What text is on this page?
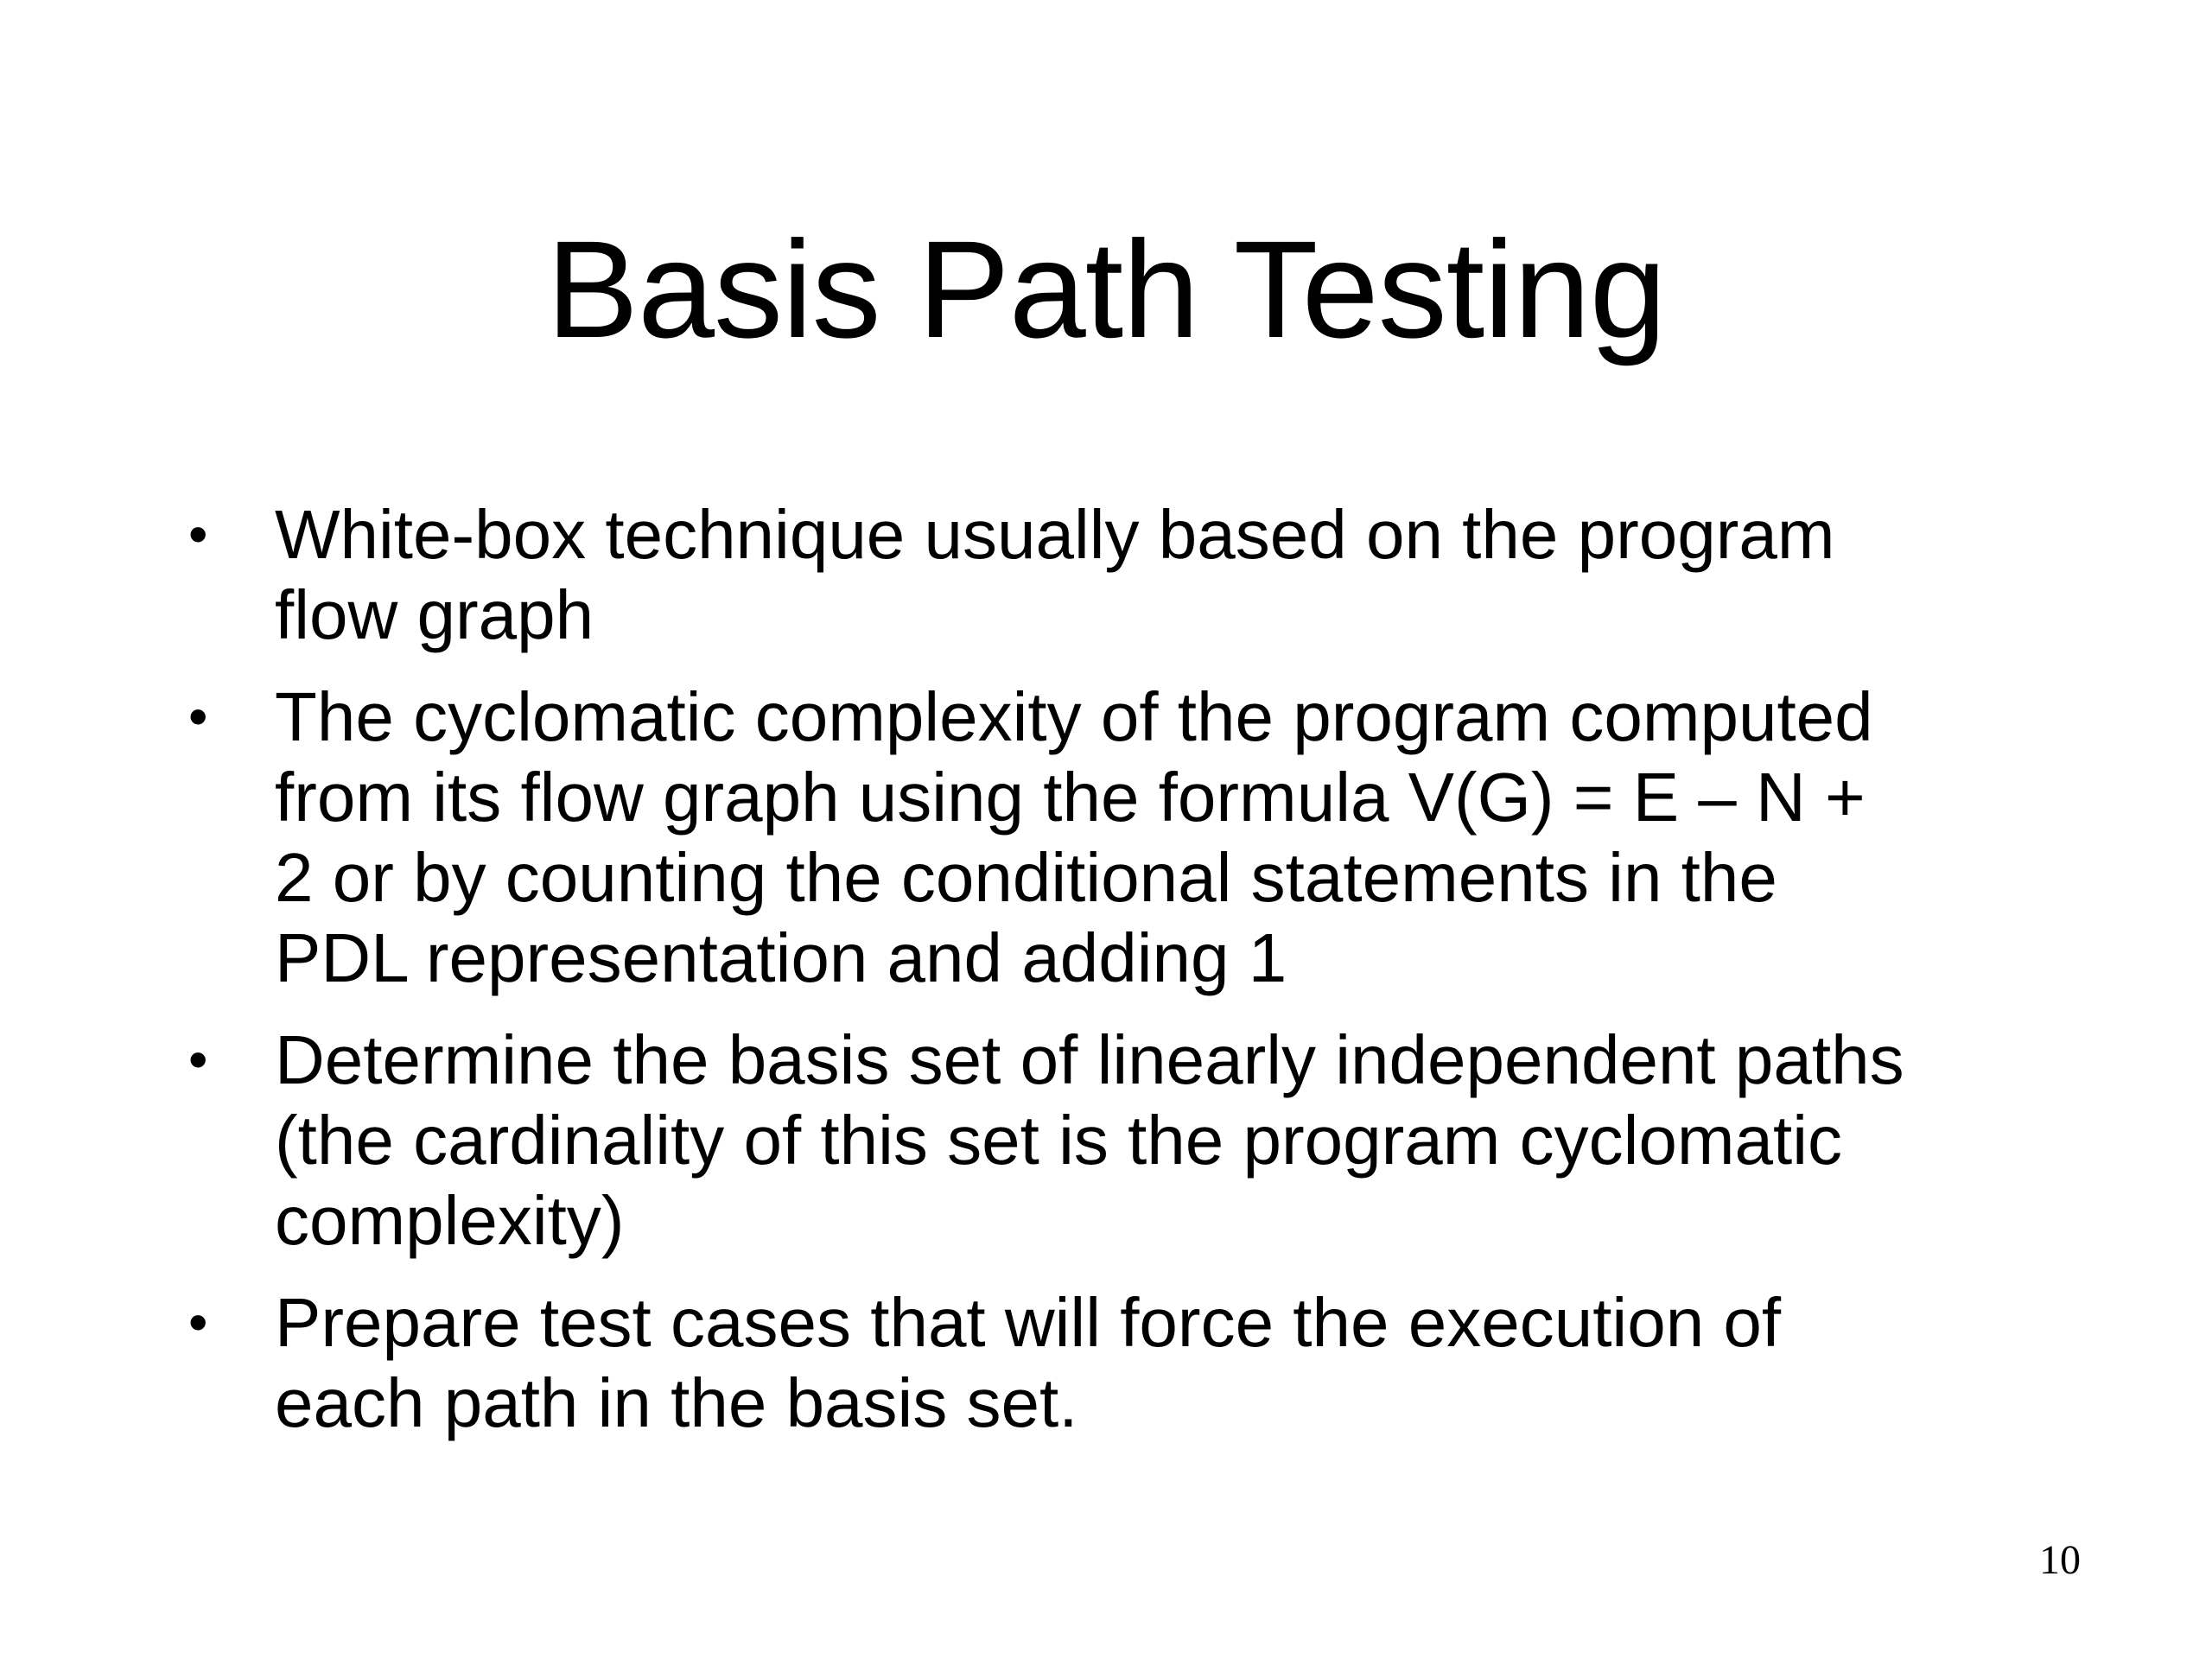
Basis Path Testing
• White-box technique usually based on the program
flow graph
• The cyclomatic complexity of the program computed
from its flow graph using the formula V(G) = E – N +
2 or by counting the conditional statements in the
PDL representation and adding 1
• Determine the basis set of linearly independent paths
(the cardinality of this set is the program cyclomatic
complexity)
• Prepare test cases that will force the execution of
each path in the basis set.
10
